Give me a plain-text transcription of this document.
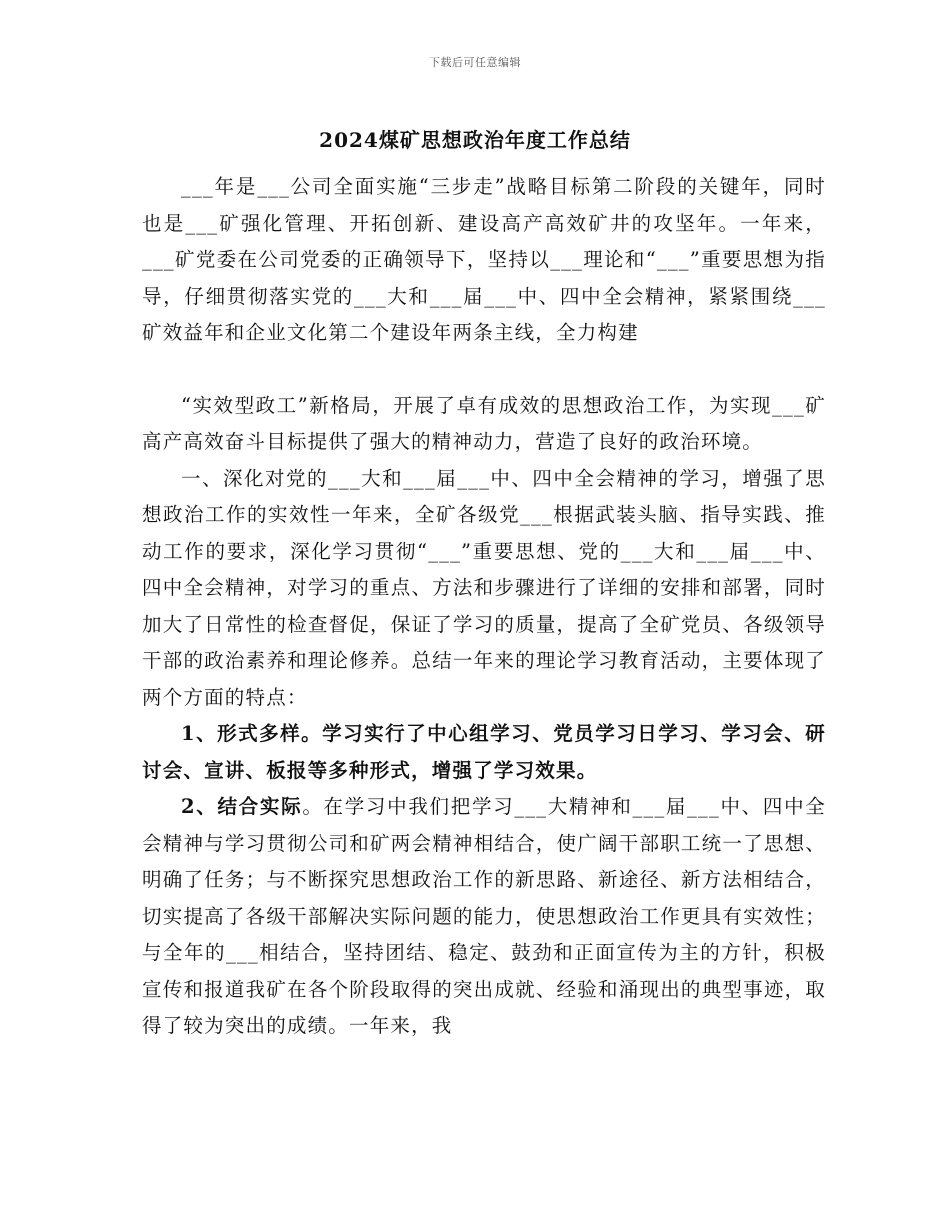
下载后可任意编辑
2024煤矿思想政治年度工作总结

___年是___公司全面实施“三步走”战略目标第二阶段的关键年，同时也是___矿强化管理、开拓创新、建设高产高效矿井的攻坚年。一年来，___矿党委在公司党委的正确领导下，坚持以___理论和“___”重要思想为指导，仔细贯彻落实党的___大和___届___中、四中全会精神，紧紧围绕___矿效益年和企业文化第二个建设年两条主线，全力构建

“实效型政工”新格局，开展了卓有成效的思想政治工作，为实现___矿高产高效奋斗目标提供了强大的精神动力，营造了良好的政治环境。

一、深化对党的___大和___届___中、四中全会精神的学习，增强了思想政治工作的实效性一年来，全矿各级党___根据武装头脑、指导实践、推动工作的要求，深化学习贯彻“___”重要思想、党的___大和___届___中、四中全会精神，对学习的重点、方法和步骤进行了详细的安排和部署，同时加大了日常性的检查督促，保证了学习的质量，提高了全矿党员、各级领导干部的政治素养和理论修养。总结一年来的理论学习教育活动，主要体现了两个方面的特点：

1、形式多样。学习实行了中心组学习、党员学习日学习、学习会、研讨会、宣讲、板报等多种形式，增强了学习效果。

2、结合实际。在学习中我们把学习___大精神和___届___中、四中全会精神与学习贯彻公司和矿两会精神相结合，使广阔干部职工统一了思想、明确了任务；与不断探究思想政治工作的新思路、新途径、新方法相结合，切实提高了各级干部解决实际问题的能力，使思想政治工作更具有实效性；与全年的___相结合，坚持团结、稳定、鼓劲和正面宣传为主的方针，积极宣传和报道我矿在各个阶段取得的突出成就、经验和涌现出的典型事迹，取得了较为突出的成绩。一年来，我
